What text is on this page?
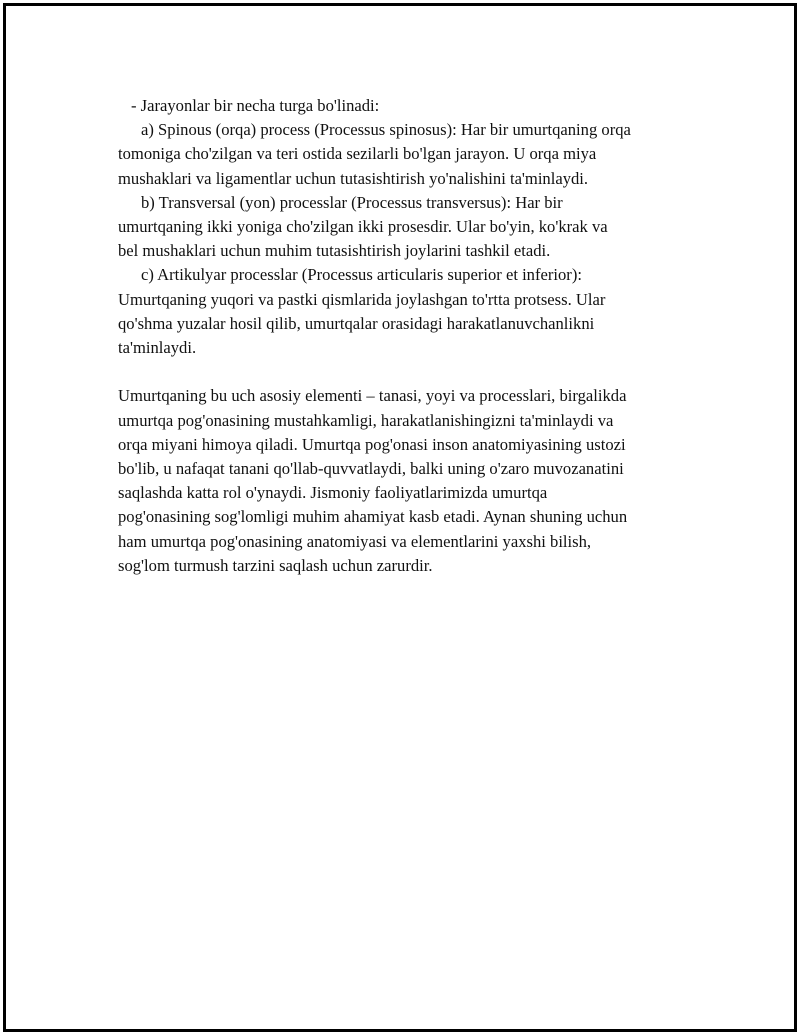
- Jarayonlar bir necha turga bo'linadi:
a) Spinous (orqa) process (Processus spinosus): Har bir umurtqaning orqa
tomoniga cho'zilgan va teri ostida sezilarli bo'lgan jarayon. U orqa miya
mushaklari va ligamentlar uchun tutasishtirish yo'nalishini ta'minlaydi.
b) Transversal (yon) processlar (Processus transversus): Har bir
umurtqaning ikki yoniga cho'zilgan ikki prosesdir. Ular bo'yin, ko'krak va
bel mushaklari uchun muhim tutasishtirish joylarini tashkil etadi.
c) Artikulyar processlar (Processus articularis superior et inferior):
Umurtqaning yuqori va pastki qismlarida joylashgan to'rtta protsess. Ular
qo'shma yuzalar hosil qilib, umurtqalar orasidagi harakatlanuvchanlikni
ta'minlaydi.
Umurtqaning bu uch asosiy elementi – tanasi, yoyi va processlari, birgalikda
umurtqa pog'onasining mustahkamligi, harakatlanishingizni ta'minlaydi va
orqa miyani himoya qiladi. Umurtqa pog'onasi inson anatomiyasining ustozi
bo'lib, u nafaqat tanani qo'llab-quvvatlaydi, balki uning o'zaro muvozanatini
saqlashda katta rol o'ynaydi. Jismoniy faoliyatlarimizda umurtqa
pog'onasining sog'lomligi muhim ahamiyat kasb etadi. Aynan shuning uchun
ham umurtqa pog'onasining anatomiyasi va elementlarini yaxshi bilish,
sog'lom turmush tarzini saqlash uchun zarurdir.
